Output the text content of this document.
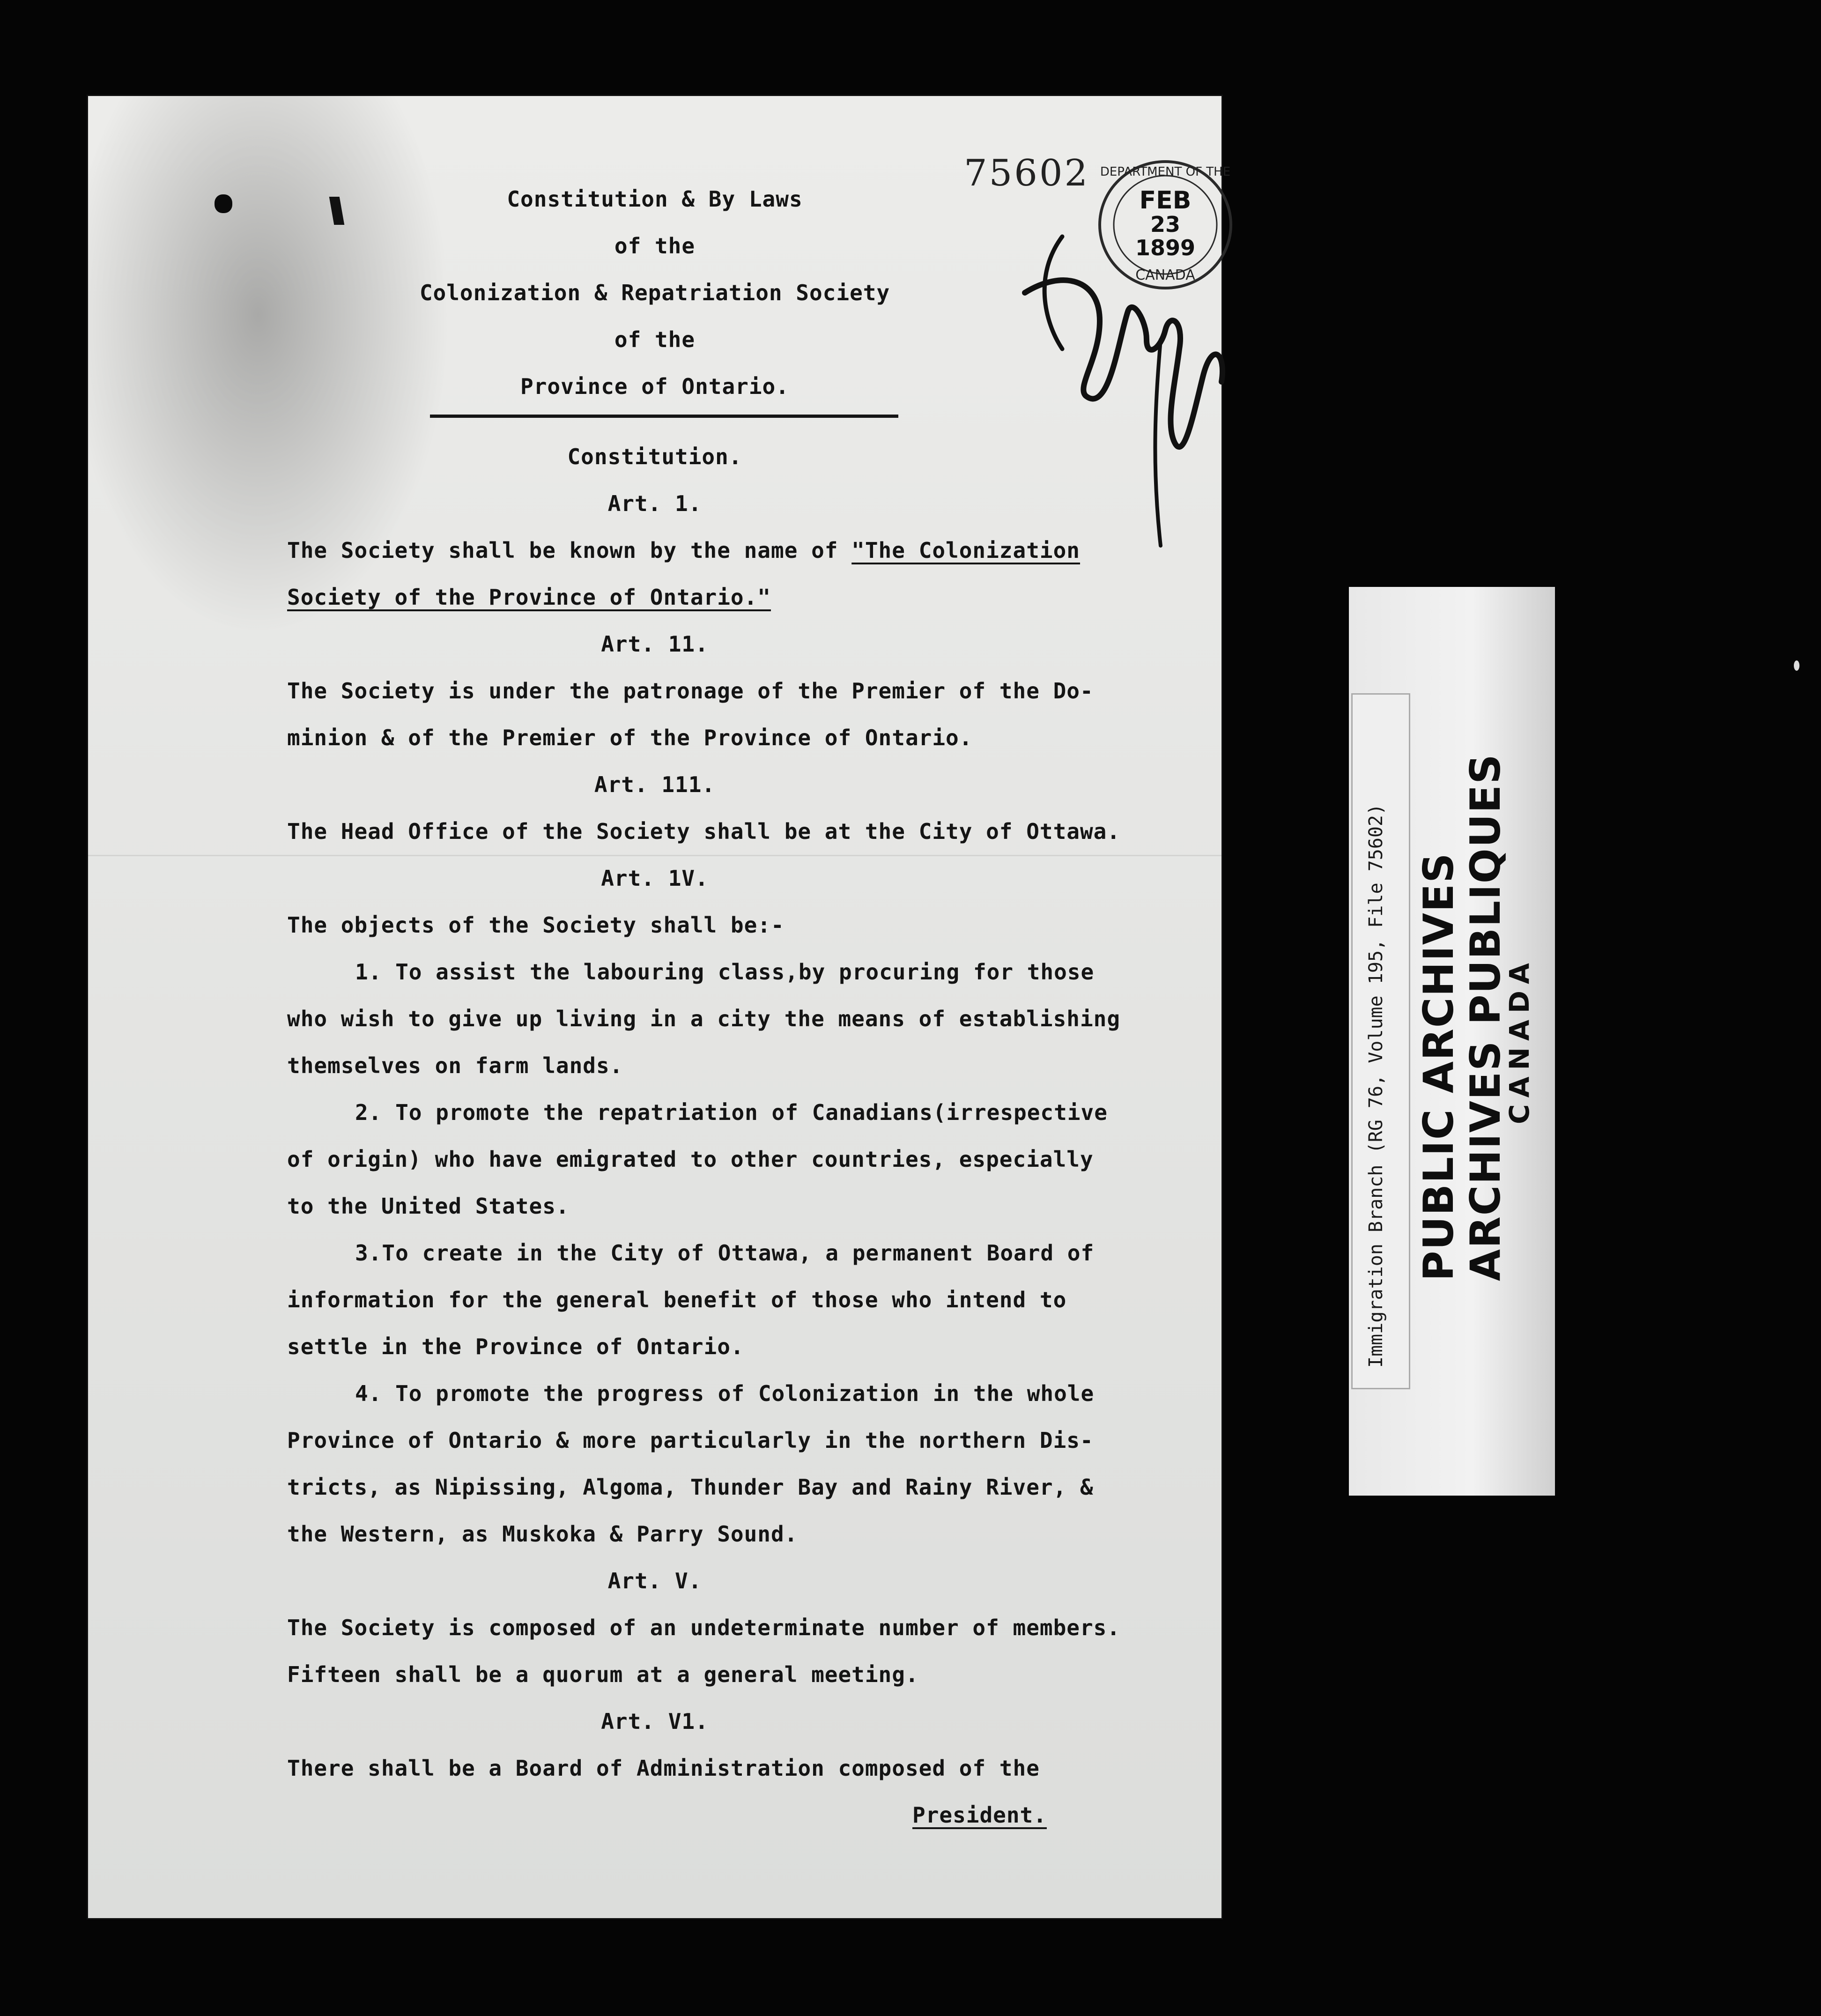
75602 DEPARTMENT OF THE
FEB
23
1899
CANADA
Constitution & By Laws
of the
Colonization & Repatriation Society
of the
Province of Ontario.
Constitution.
Art. 1.
The Society shall be known by the name of "The Colonization
Society of the Province of Ontario."
Art. 11.
The Society is under the patronage of the Premier of the Do-
minion & of the Premier of the Province of Ontario.
Art. 111.
The Head Office of the Society shall be at the City of Ottawa.
Art. 1V.
The objects of the Society shall be:-
1. To assist the labouring class,by procuring for those
who wish to give up living in a city the means of establishing
themselves on farm lands.
2. To promote the repatriation of Canadians(irrespective
of origin) who have emigrated to other countries, especially
to the United States.
3.To create in the City of Ottawa, a permanent Board of
information for the general benefit of those who intend to
settle in the Province of Ontario.
4. To promote the progress of Colonization in the whole
Province of Ontario & more particularly in the northern Dis-
tricts, as Nipissing, Algoma, Thunder Bay and Rainy River, &
the Western, as Muskoka & Parry Sound.
Art. V.
The Society is composed of an undeterminate number of members.
Fifteen shall be a quorum at a general meeting.
Art. V1.
There shall be a Board of Administration composed of the
President.
Immigration Branch (RG 76, Volume 195, File 75602) PUBLIC ARCHIVES
ARCHIVES PUBLIQUES
CANADA
